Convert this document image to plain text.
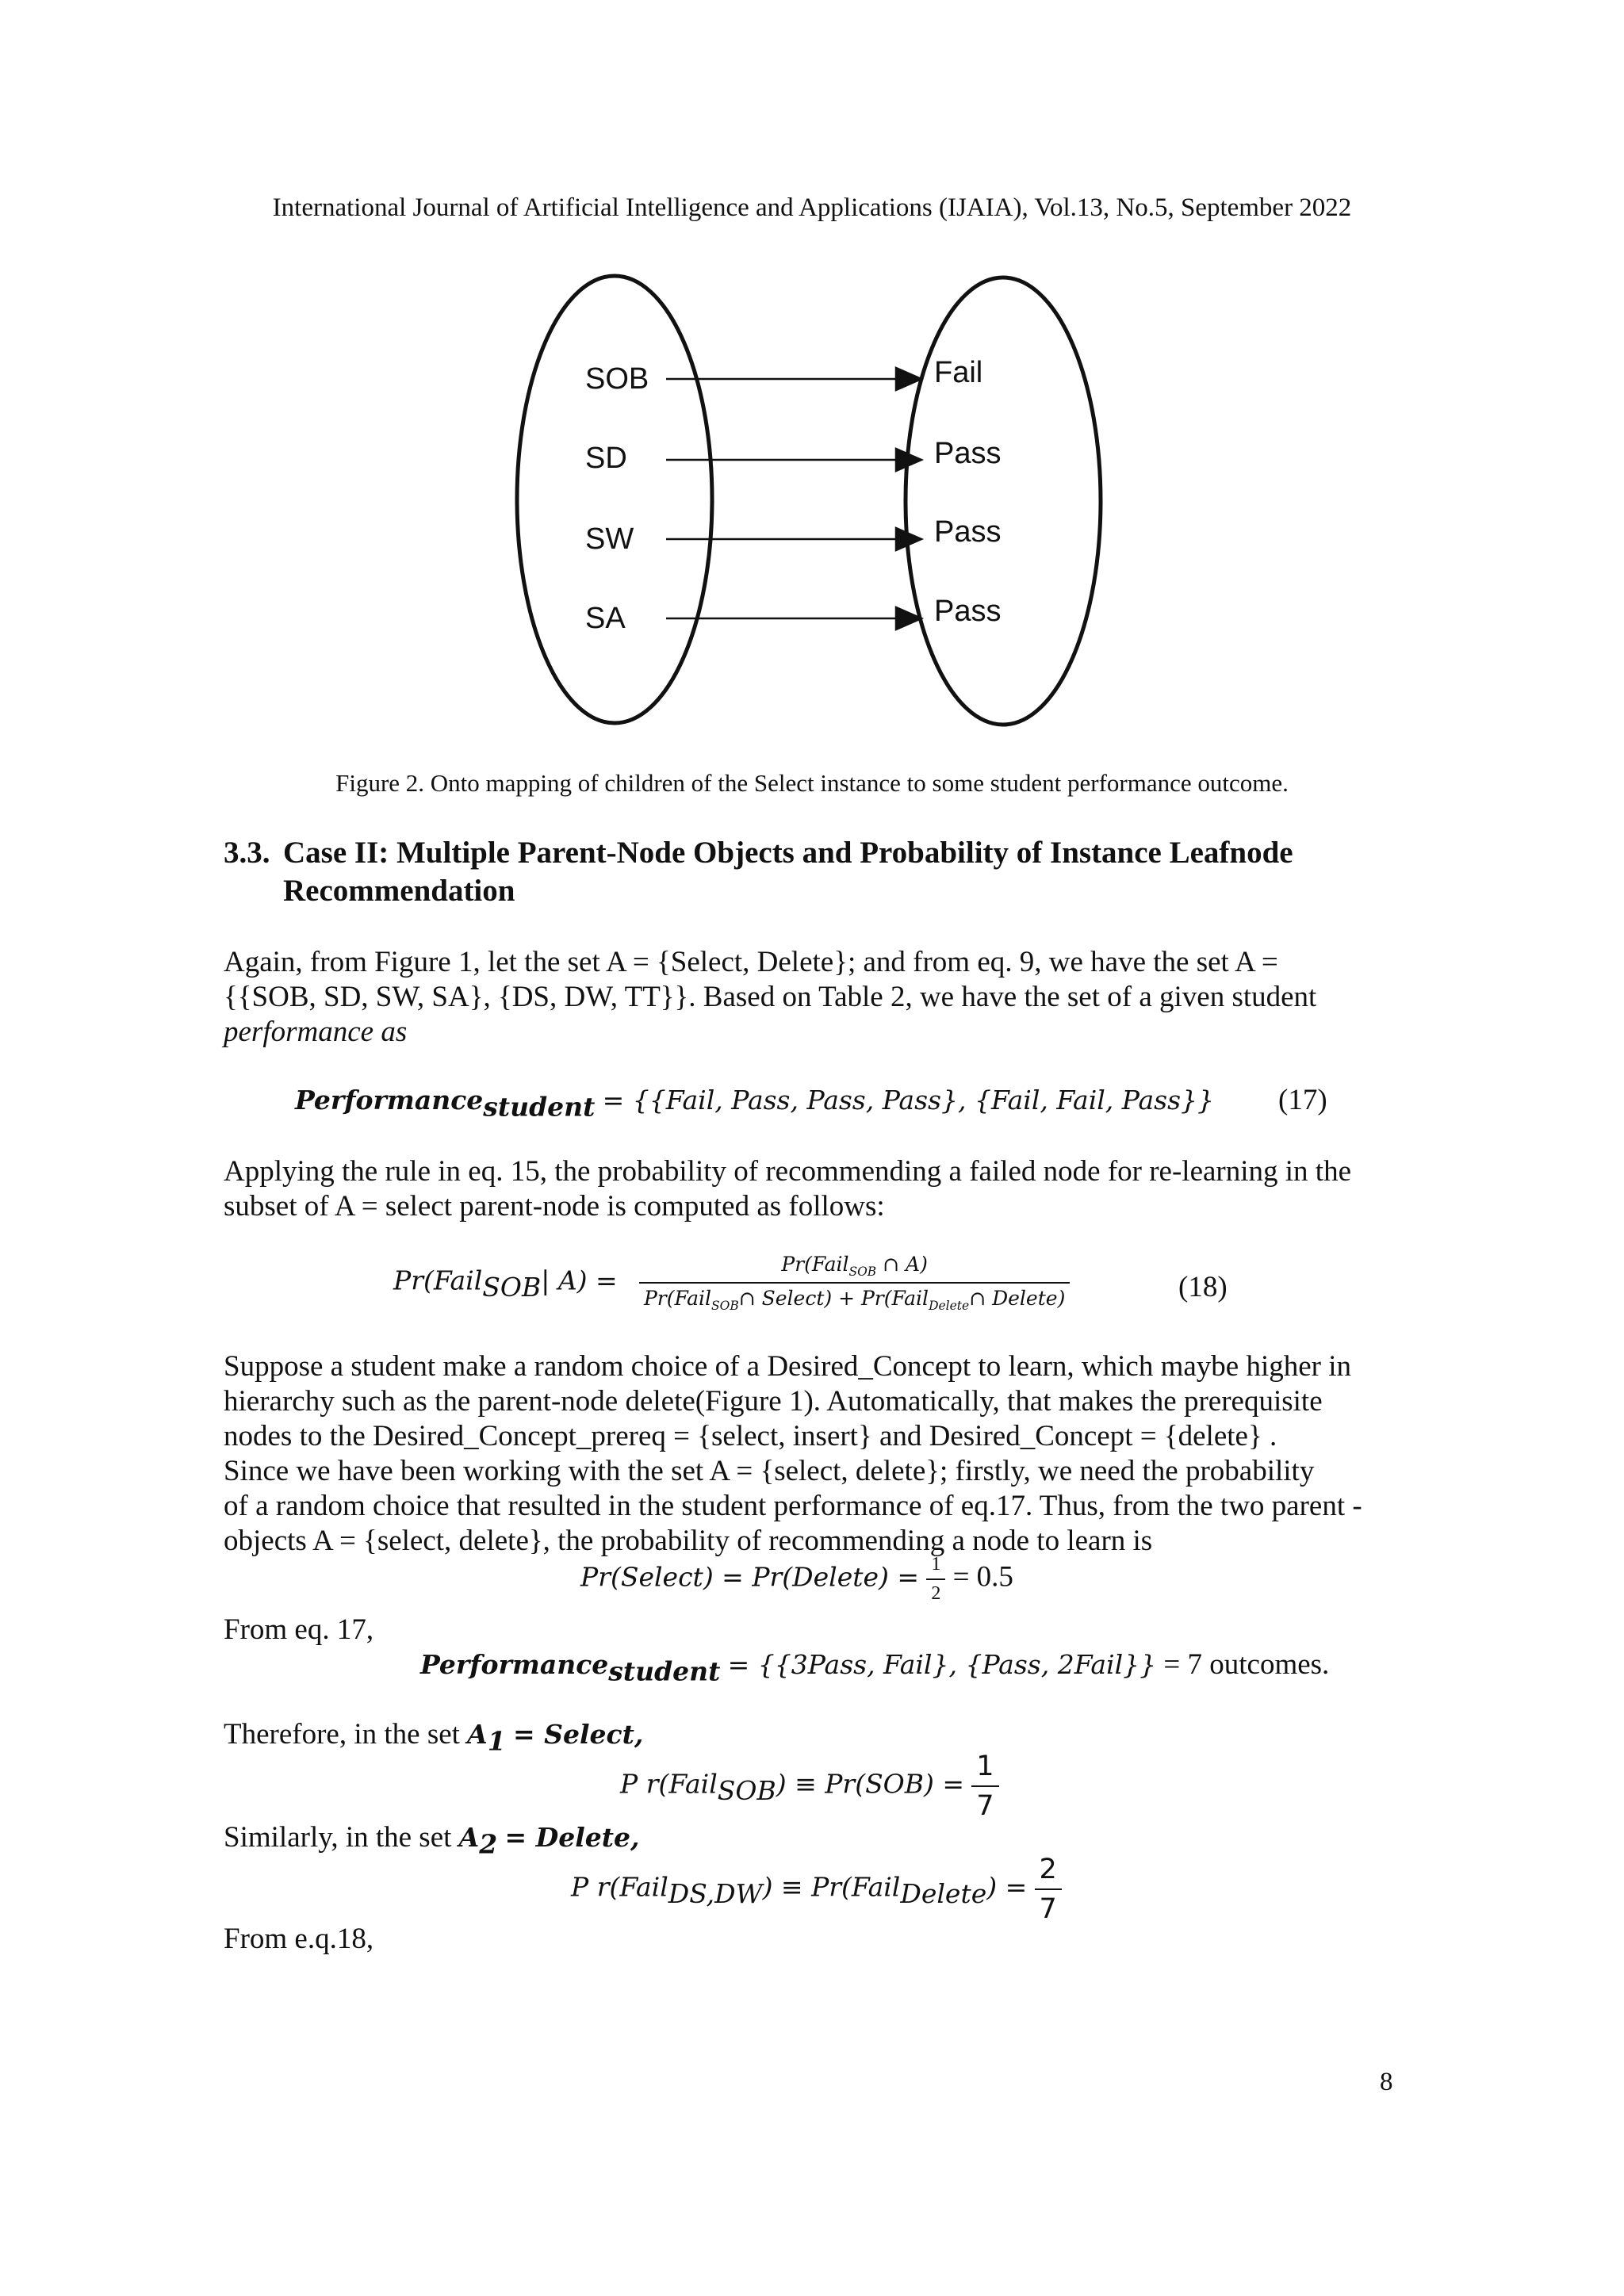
International Journal of Artificial Intelligence and Applications (IJAIA), Vol.13, No.5, September 2022
SOB
SD
SW
SA
Fail
Pass
Pass
Pass
Figure 2. Onto mapping of children of the Select instance to some student performance outcome.
3.3. Case II: Multiple Parent-Node Objects and Probability of Instance Leafnode
Recommendation
Again, from Figure 1, let the set A = {Select, Delete}; and from eq. 9, we have the set A =
{{SOB, SD, SW, SA}, {DS, DW, TT}}. Based on Table 2, we have the set of a given student
performance as
Performance$_{student}$ = {{Fail, Pass, Pass, Pass}, {Fail, Fail, Pass}} (17)
Applying the rule in eq. 15, the probability of recommending a failed node for re-learning in the
subset of A = select parent-node is computed as follows:
Pr(Fail$_{SOB}$| $A) = \frac{Pr(Fail_{SOB} \cap A)}{Pr(Fail_{SOB}\cap Select) + Pr(Fail_{Delete}\cap Delete)}$	(18)
Suppose a student make a random choice of a Desired_Concept to learn, which maybe higher in
hierarchy such as the parent-node delete(Figure 1). Automatically, that makes the prerequisite
nodes to the Desired_Concept_prereq = {select, insert} and Desired_Concept = {delete} .
Since we have been working with the set A = {select, delete}; firstly, we need the probability
of a random choice that resulted in the student performance of eq.17. Thus, from the two parent -
objects A = {select, delete}, the probability of recommending a node to learn is
Pr(Select) = Pr(Delete) = $\frac{1}{2} = 0.5$
From eq. 17,
Performance$_{student}$ = {{3Pass, Fail}, {Pass, 2Fail}} = 7 outcomes.
Therefore, in the set $A_1$ = Select,
P r(Fail$_{SOB}$) ≡ $Pr(SOB) = \frac{1}{7}$
Similarly, in the set $A_2$ = Delete,
P r(Fail$_{DS,DW}$) ≡ Pr(Fail$_{Delete}$) = $\frac{2}{7}$
From e.q.18,
8
